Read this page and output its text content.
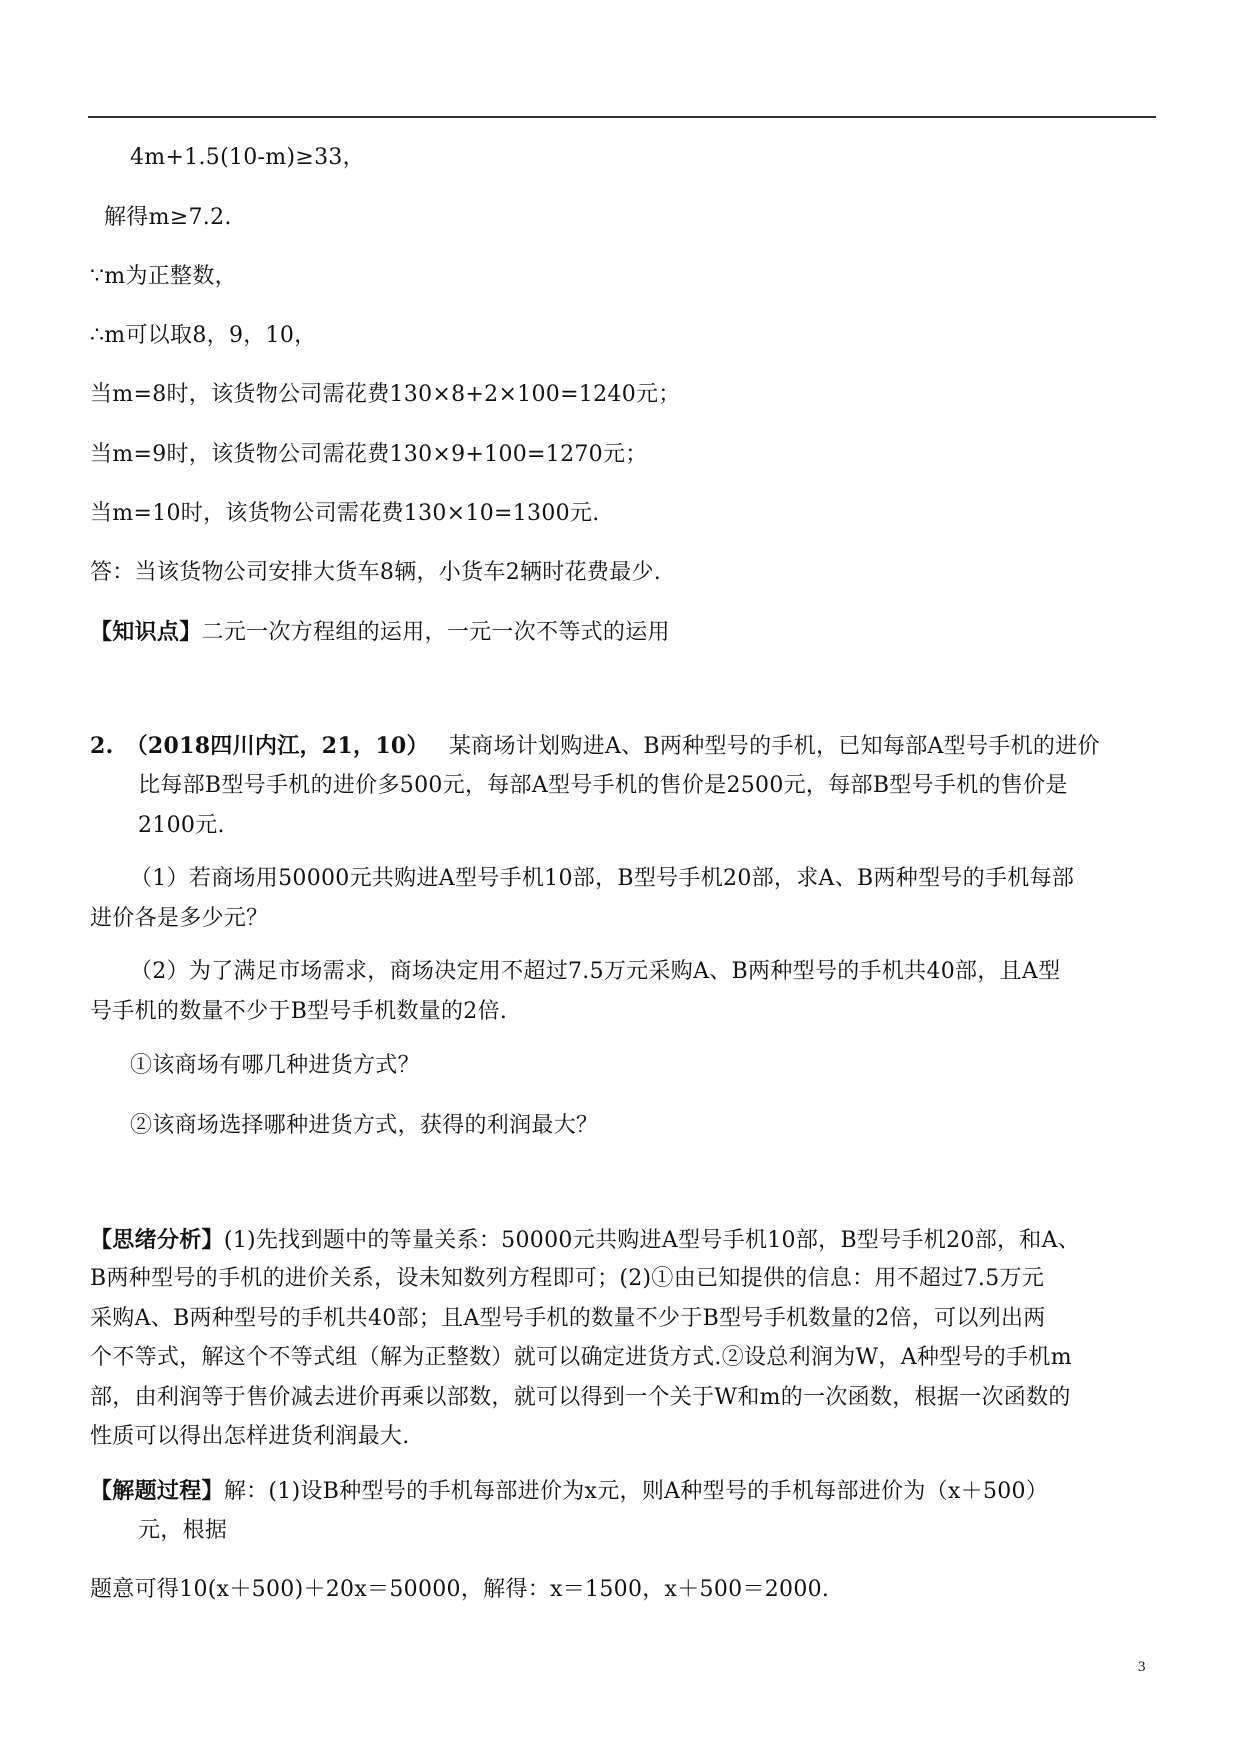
4m+1.5(10-m)≥33，
解得m≥7.2.
∵m为正整数，
∴m可以取8，9，10，
当m=8时，该货物公司需花费130×8+2×100=1240元；
当m=9时，该货物公司需花费130×9+100=1270元；
当m=10时，该货物公司需花费130×10=1300元.
答：当该货物公司安排大货车8辆，小货车2辆时花费最少.
【知识点】二元一次方程组的运用，一元一次不等式的运用
2. （2018四川内江，21，10） 某商场计划购进A、B两种型号的手机，已知每部A型号手机的进价
比每部B型号手机的进价多500元，每部A型号手机的售价是2500元，每部B型号手机的售价是
2100元.
（1）若商场用50000元共购进A型号手机10部，B型号手机20部，求A、B两种型号的手机每部
进价各是多少元？
（2）为了满足市场需求，商场决定用不超过7.5万元采购A、B两种型号的手机共40部，且A型
号手机的数量不少于B型号手机数量的2倍.
①该商场有哪几种进货方式？
②该商场选择哪种进货方式，获得的利润最大？
【思绪分析】(1)先找到题中的等量关系：50000元共购进A型号手机10部，B型号手机20部，和A、
B两种型号的手机的进价关系，设未知数列方程即可；(2)①由已知提供的信息：用不超过7.5万元
采购A、B两种型号的手机共40部；且A型号手机的数量不少于B型号手机数量的2倍，可以列出两
个不等式，解这个不等式组（解为正整数）就可以确定进货方式.②设总利润为W，A种型号的手机m
部，由利润等于售价减去进价再乘以部数，就可以得到一个关于W和m的一次函数，根据一次函数的
性质可以得出怎样进货利润最大.
【解题过程】解：(1)设B种型号的手机每部进价为x元，则A种型号的手机每部进价为（x＋500）
元，根据
题意可得10(x＋500)＋20x＝50000，解得：x＝1500，x＋500＝2000.
3
